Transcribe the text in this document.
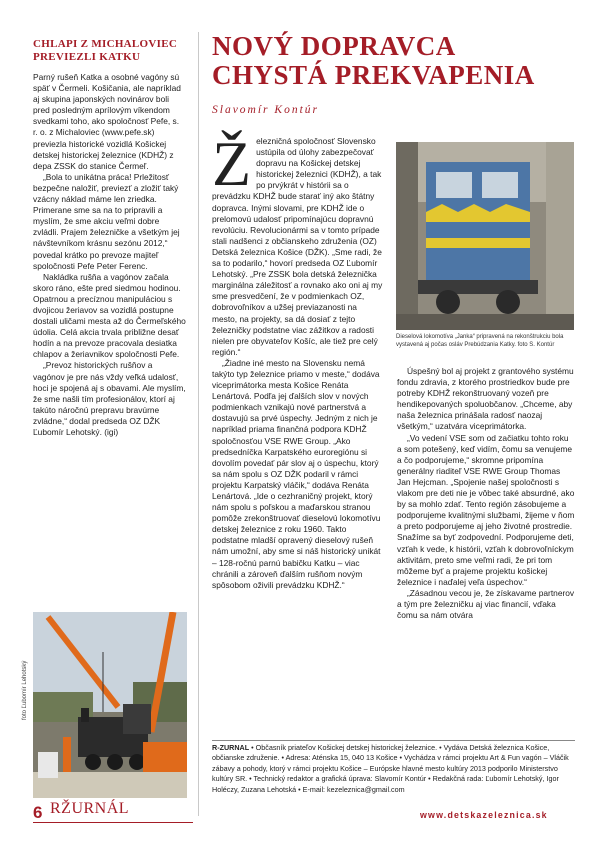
CHLAPI Z MICHALOVIEC PREVIEZLI KATKU

Parný rušeň Katka a osobné vagóny sú späť v Čermeli. Košičania, ale napríklad aj skupina japonských novinárov boli pred posledným aprílovým víkendom svedkami toho, ako spoločnosť Pefe, s. r. o. z Michaloviec (www.pefe.sk) previezla historické vozidlá Košickej detskej historickej železnice (KDHŽ) z depa ZSSK do stanice Čermeľ.

„Bola to unikátna práca! Prležitosť bezpečne naložiť, previezť a zložiť taký vzácny náklad máme len zriedka. Primerane sme sa na to pripravili a myslím, že sme akciu veľmi dobre zvládli. Prajem železničke a všetkým jej návštevníkom krásnu sezónu 2012,“ povedal krátko po prevoze majiteľ spoločnosti Pefe Peter Ferenc.

Nakládka rušňa a vagónov začala skoro ráno, ešte pred siedmou hodinou. Opatrnou a precíznou manipuláciou s dvojicou žeriavov sa vozidlá postupne dostali uličami mesta až do Čermeľského údolia. Celá akcia trvala približne desať hodín a na prevoze pracovala desiatka chlapov a žeriavnikov spoločnosti Pefe.

„Prevoz historických rušňov a vagónov je pre nás vždy veľká udalosť, hoci je spojená aj s obavami. Ale myslím, že sme našli tím profesionálov, ktorí aj takúto náročnú prepravu bravúrne zvládne,“ dodal predseda OZ DŽK Ľubomír Lehotský. (igi)

foto Ľubomír Lehotský
NOVÝ DOPRAVCA CHYSTÁ PREKVAPENIA
Slavomír Kontúr

Železničná spoločnosť Slovensko ustúpila od úlohy zabezpečovať dopravu na Košickej detskej historickej železnici (KDHŽ), a tak po prvýkrát v histórii sa o prevádzku KDHŽ bude starať iný ako štátny dopravca. Inými slovami, pre KDHŽ ide o prelomovú udalosť pripomínajúcu dopravnú revolúciu. Revolucionármi sa v tomto prípade stali nadšenci z občianskeho združenia (OZ) Detská železnica Košice (DŽK). „Sme radi, že sa to podarilo,“ hovorí predseda OZ Ľubomír Lehotský. „Pre ZSSK bola detská železnička marginálna záležitosť a rovnako ako oni aj my sme presvedčení, že v podmienkach OZ, dobrovoľníkov a užšej previazanosti na mesto, na projekty, sa dá dosiať z tejto železničky podstatne viac zážitkov a radosti nielen pre obyvateľov Košíc, ale tiež pre celý región.“

„Žiadne iné mesto na Slovensku nemá takýto typ železnice priamo v meste,“ dodáva viceprimátorka mesta Košice Renáta Lenártová. Podľa jej ďalších slov v nových podmienkach vznikajú nové partnerstvá a dostavujú sa prvé úspechy. Jedným z nich je napríklad priama finančná podpora KDHŽ spoločnosťou VSE RWE Group. „Ako predsedníčka Karpatského euroregiónu si dovolím povedať pár slov aj o úspechu, ktorý sa nám spolu s OZ DŽK podaril v rámci projektu Karpatský vláčik,“ dodáva Renáta Lenártová. „Ide o cezhraničný projekt, ktorý nám spolu s poľskou a maďarskou stranou pomôže zrekonštruovať dieselovú lokomotívu detskej železnice z roku 1960. Takto podstatne mladší opravený dieselový rušeň nám umožní, aby sme si náš historický unikát – 128-ročnú parnú babičku Katku – viac chránili a zároveň ďalším rušňom novým spôsobom oživili prevádzku KDHŽ.“

Dieselová lokomotíva „Janka“ pripravená na rekonštrukciu bola vystavená aj počas osláv Prebúdzania Katky. foto S. Kontúr

Úspešný bol aj projekt z grantového systému fondu zdravia, z ktorého prostriedkov bude pre potreby KDHŽ rekonštruovaný vozeň pre hendikepovaných spoluobčanov. „Chceme, aby naša železnica prinášala radosť naozaj všetkým,“ uzatvára viceprimátorka.

„Vo vedení VSE som od začiatku tohto roku a som potešený, keď vidím, čomu sa venujeme a čo podporujeme,“ skromne pripomína generálny riaditeľ VSE RWE Group Thomas Jan Hejcman. „Spojenie našej spoločnosti s vlakom pre deti nie je vôbec také absurdné, ako by sa mohlo zdať. Tento región zásobujeme a podporujeme kvalitnými službami, žijeme v ňom a preto podporujeme aj jeho životné prostredie. Snažíme sa byť zodpovední. Podporujeme deti, vzťah k vede, k histórii, vzťah k dobrovoľníckym aktivitám, preto sme veľmi radi, že pri tom môžeme byť a prajeme projektu košickej železnice i naďalej veľa úspechov.“

„Zásadnou vecou je, že získavame partnerov a tým pre železničku aj viac financií, vďaka čomu sa nám otvára

R-ZURNAL • Občasník priateľov Košickej detskej historickej železnice. • Vydáva Detská železnica Košice, občianske združenie. • Adresa: Aténska 15, 040 13 Košice • Vychádza v rámci projektu Art & Fun vagón – Vláčik zábavy a pohody, ktorý v rámci projektu Košice – Európske hlavné mesto kultúry 2013 podporilo Ministerstvo kultúry SR. • Technický redaktor a grafická úprava: Slavomír Kontúr • Redakčná rada: Ľubomír Lehotský, Igor Holéczy, Zuzana Lehotská • E-mail: kezeleznica@gmail.com
6 RŽURNÁL	www.detskazeleznica.sk
